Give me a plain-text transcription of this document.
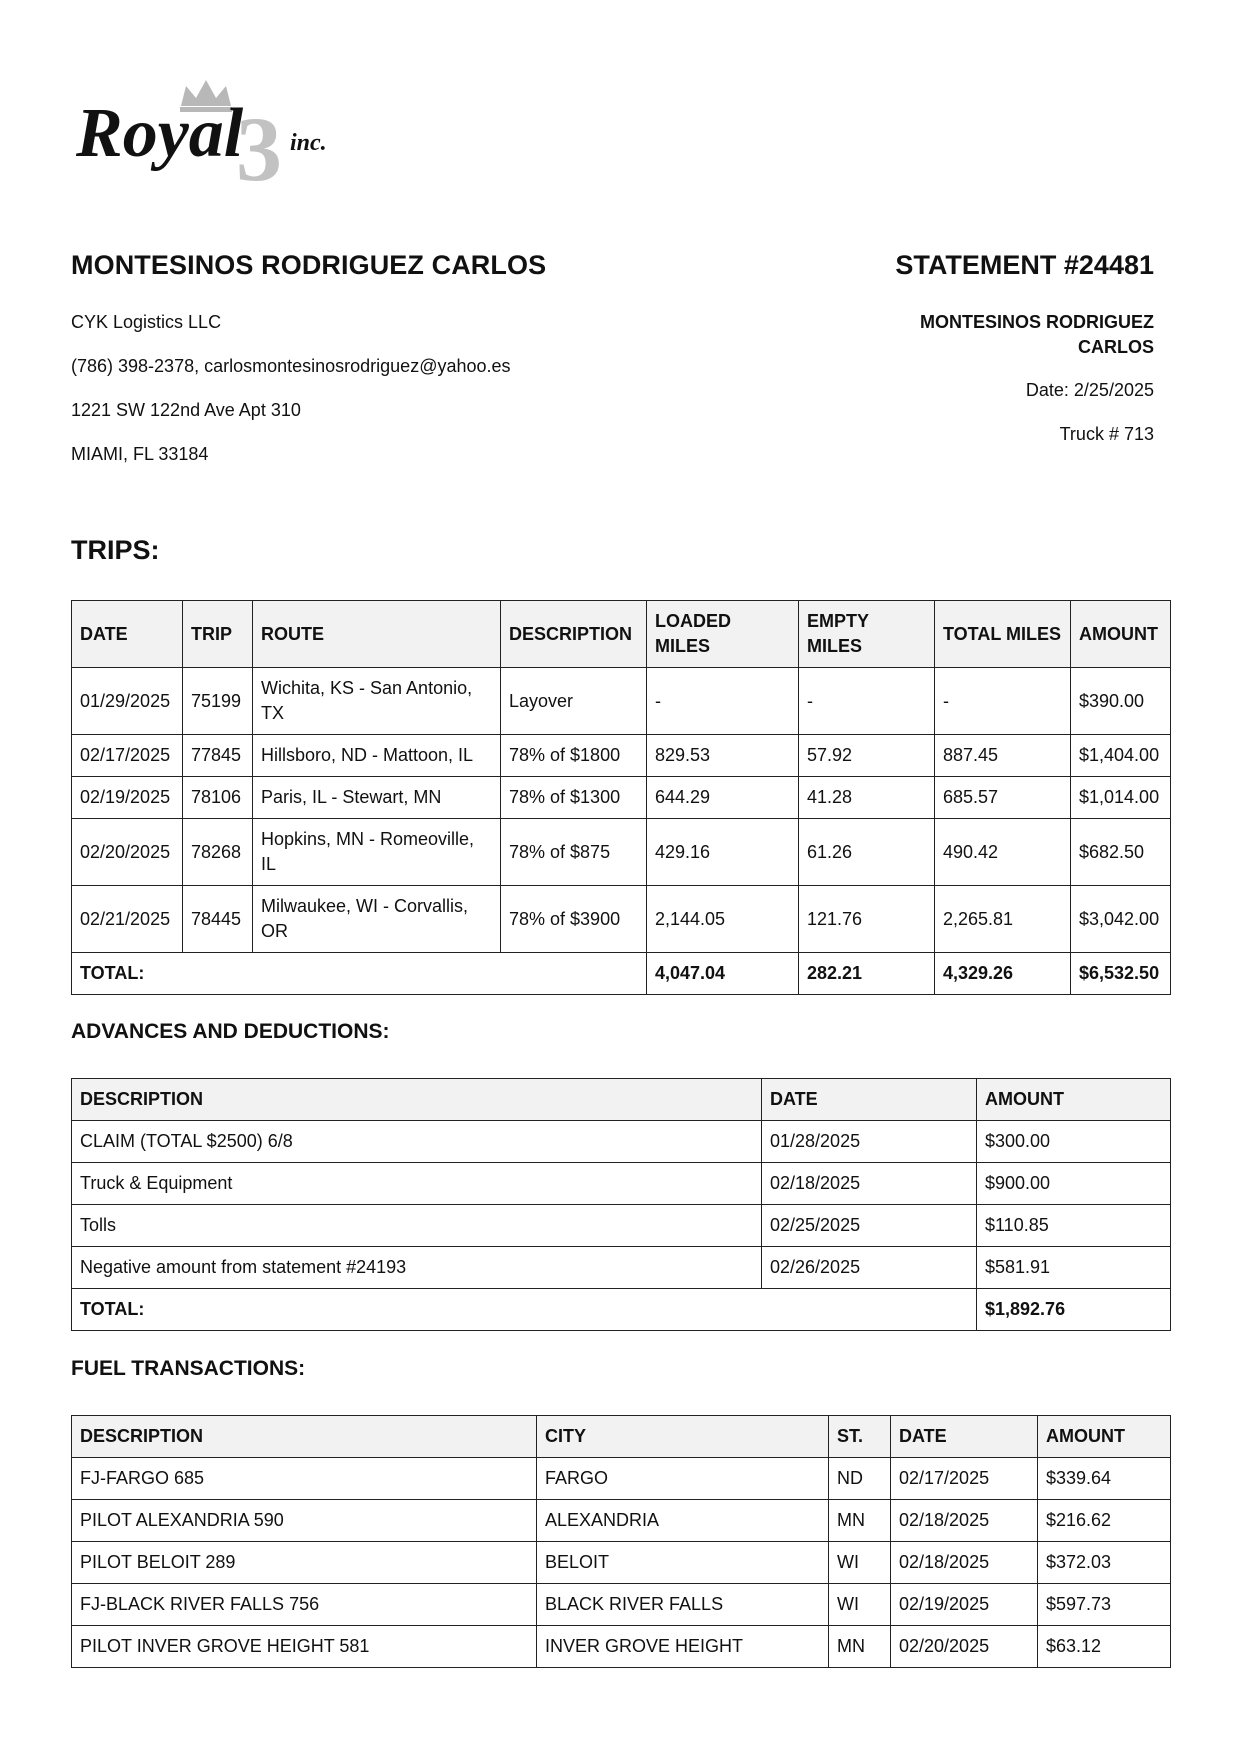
3
Royal inc.
MONTESINOS RODRIGUEZ CARLOS	STATEMENT #24481
CYK Logistics LLC
(786) 398-2378, carlosmontesinosrodriguez@yahoo.es
1221 SW 122nd Ave Apt 310
MIAMI, FL 33184
MONTESINOS RODRIGUEZ
CARLOS
Date: 2/25/2025
Truck # 713
TRIPS:
DATE	TRIP	ROUTE	DESCRIPTION	LOADED MILES	EMPTY MILES	TOTAL MILES	AMOUNT
01/29/2025	75199	Wichita, KS - San Antonio, TX	Layover	-	-	-	$390.00
02/17/2025	77845	Hillsboro, ND - Mattoon, IL	78% of $1800	829.53	57.92	887.45	$1,404.00
02/19/2025	78106	Paris, IL - Stewart, MN	78% of $1300	644.29	41.28	685.57	$1,014.00
02/20/2025	78268	Hopkins, MN - Romeoville, IL	78% of $875	429.16	61.26	490.42	$682.50
02/21/2025	78445	Milwaukee, WI - Corvallis, OR	78% of $3900	2,144.05	121.76	2,265.81	$3,042.00
TOTAL:				4,047.04	282.21	4,329.26	$6,532.50
ADVANCES AND DEDUCTIONS:
DESCRIPTION	DATE	AMOUNT
CLAIM (TOTAL $2500) 6/8	01/28/2025	$300.00
Truck & Equipment	02/18/2025	$900.00
Tolls	02/25/2025	$110.85
Negative amount from statement #24193	02/26/2025	$581.91
TOTAL:		$1,892.76
FUEL TRANSACTIONS:
DESCRIPTION	CITY	ST.	DATE	AMOUNT
FJ-FARGO 685	FARGO	ND	02/17/2025	$339.64
PILOT ALEXANDRIA 590	ALEXANDRIA	MN	02/18/2025	$216.62
PILOT BELOIT 289	BELOIT	WI	02/18/2025	$372.03
FJ-BLACK RIVER FALLS 756	BLACK RIVER FALLS	WI	02/19/2025	$597.73
PILOT INVER GROVE HEIGHT 581	INVER GROVE HEIGHT	MN	02/20/2025	$63.12
